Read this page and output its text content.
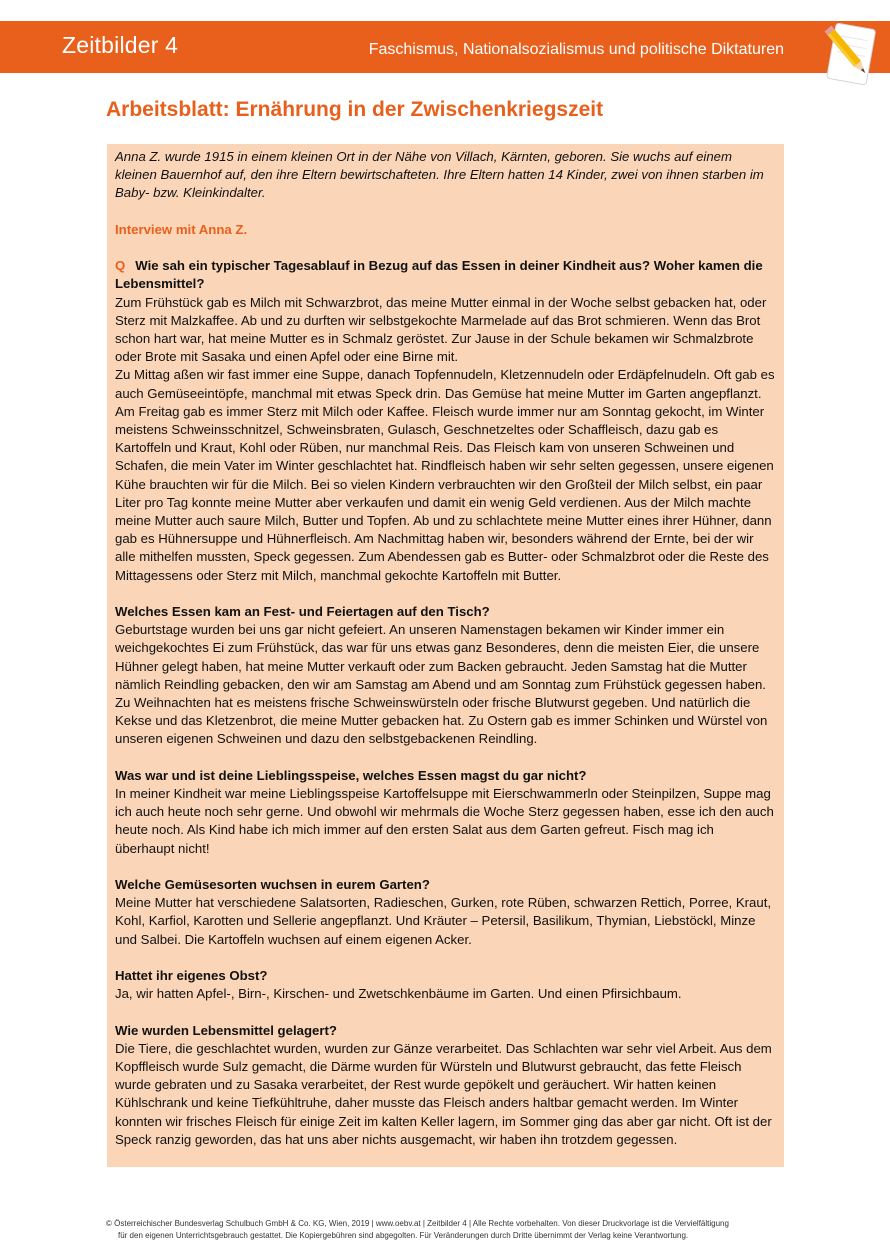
Zeitbilder 4	Faschismus, Nationalsozialismus und politische Diktaturen
Arbeitsblatt: Ernährung in der Zwischenkriegszeit

Anna Z. wurde 1915 in einem kleinen Ort in der Nähe von Villach, Kärnten, geboren. Sie wuchs auf einem kleinen Bauernhof auf, den ihre Eltern bewirtschafteten. Ihre Eltern hatten 14 Kinder, zwei von ihnen starben im Baby- bzw. Kleinkindalter.

Interview mit Anna Z.

Q Wie sah ein typischer Tagesablauf in Bezug auf das Essen in deiner Kindheit aus? Woher kamen die Lebensmittel?

Zum Frühstück gab es Milch mit Schwarzbrot, das meine Mutter einmal in der Woche selbst gebacken hat, oder Sterz mit Malzkaffee. Ab und zu durften wir selbstgekochte Marmelade auf das Brot schmieren. Wenn das Brot schon hart war, hat meine Mutter es in Schmalz geröstet. Zur Jause in der Schule bekamen wir Schmalzbrote oder Brote mit Sasaka und einen Apfel oder eine Birne mit.

Zu Mittag aßen wir fast immer eine Suppe, danach Topfennudeln, Kletzennudeln oder Erdäpfelnudeln. Oft gab es auch Gemüseeintöpfe, manchmal mit etwas Speck drin. Das Gemüse hat meine Mutter im Garten angepflanzt. Am Freitag gab es immer Sterz mit Milch oder Kaffee. Fleisch wurde immer nur am Sonntag gekocht, im Winter meistens Schweinsschnitzel, Schweinsbraten, Gulasch, Geschnetzeltes oder Schaffleisch, dazu gab es Kartoffeln und Kraut, Kohl oder Rüben, nur manchmal Reis. Das Fleisch kam von unseren Schweinen und Schafen, die mein Vater im Winter geschlachtet hat. Rindfleisch haben wir sehr selten gegessen, unsere eigenen Kühe brauchten wir für die Milch. Bei so vielen Kindern verbrauchten wir den Großteil der Milch selbst, ein paar Liter pro Tag konnte meine Mutter aber verkaufen und damit ein wenig Geld verdienen. Aus der Milch machte meine Mutter auch saure Milch, Butter und Topfen. Ab und zu schlachtete meine Mutter eines ihrer Hühner, dann gab es Hühnersuppe und Hühnerfleisch. Am Nachmittag haben wir, besonders während der Ernte, bei der wir alle mithelfen mussten, Speck gegessen. Zum Abendessen gab es Butter- oder Schmalzbrot oder die Reste des Mittagessens oder Sterz mit Milch, manchmal gekochte Kartoffeln mit Butter.

Welches Essen kam an Fest- und Feiertagen auf den Tisch?

Geburtstage wurden bei uns gar nicht gefeiert. An unseren Namenstagen bekamen wir Kinder immer ein weichgekochtes Ei zum Frühstück, das war für uns etwas ganz Besonderes, denn die meisten Eier, die unsere Hühner gelegt haben, hat meine Mutter verkauft oder zum Backen gebraucht. Jeden Samstag hat die Mutter nämlich Reindling gebacken, den wir am Samstag am Abend und am Sonntag zum Frühstück gegessen haben. Zu Weihnachten hat es meistens frische Schweinswürsteln oder frische Blutwurst gegeben. Und natürlich die Kekse und das Kletzenbrot, die meine Mutter gebacken hat. Zu Ostern gab es immer Schinken und Würstel von unseren eigenen Schweinen und dazu den selbstgebackenen Reindling.

Was war und ist deine Lieblingsspeise, welches Essen magst du gar nicht?

In meiner Kindheit war meine Lieblingsspeise Kartoffelsuppe mit Eierschwammerln oder Steinpilzen, Suppe mag ich auch heute noch sehr gerne. Und obwohl wir mehrmals die Woche Sterz gegessen haben, esse ich den auch heute noch. Als Kind habe ich mich immer auf den ersten Salat aus dem Garten gefreut. Fisch mag ich überhaupt nicht!

Welche Gemüsesorten wuchsen in eurem Garten?

Meine Mutter hat verschiedene Salatsorten, Radieschen, Gurken, rote Rüben, schwarzen Rettich, Porree, Kraut, Kohl, Karfiol, Karotten und Sellerie angepflanzt. Und Kräuter – Petersil, Basilikum, Thymian, Liebstöckl, Minze und Salbei. Die Kartoffeln wuchsen auf einem eigenen Acker.

Hattet ihr eigenes Obst?

Ja, wir hatten Apfel-, Birn-, Kirschen- und Zwetschkenbäume im Garten. Und einen Pfirsichbaum.

Wie wurden Lebensmittel gelagert?

Die Tiere, die geschlachtet wurden, wurden zur Gänze verarbeitet. Das Schlachten war sehr viel Arbeit. Aus dem Kopffleisch wurde Sulz gemacht, die Därme wurden für Würsteln und Blutwurst gebraucht, das fette Fleisch wurde gebraten und zu Sasaka verarbeitet, der Rest wurde gepökelt und geräuchert. Wir hatten keinen Kühlschrank und keine Tiefkühltruhe, daher musste das Fleisch anders haltbar gemacht werden. Im Winter konnten wir frisches Fleisch für einige Zeit im kalten Keller lagern, im Sommer ging das aber gar nicht. Oft ist der Speck ranzig geworden, das hat uns aber nichts ausgemacht, wir haben ihn trotzdem gegessen.

© Österreichischer Bundesverlag Schulbuch GmbH & Co. KG, Wien, 2019 | www.oebv.at | Zeitbilder 4 | Alle Rechte vorbehalten. Von dieser Druckvorlage ist die Vervielfältigung
für den eigenen Unterrichtsgebrauch gestattet. Die Kopiergebühren sind abgegolten. Für Veränderungen durch Dritte übernimmt der Verlag keine Verantwortung.
